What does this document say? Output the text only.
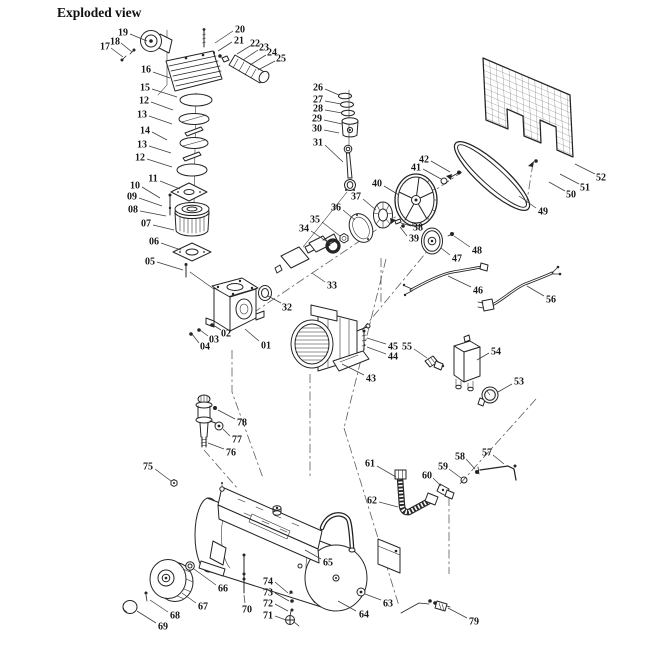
Exploded view
01
02
03
04
05
06
07
08
09
10
11
12
13
14
13
12
15
16
17 18
19	20
21 22 23
24
25
26
27
28
29
30
31
32
33
34
35
36
37
38
39
40
41
42
43
44
45
46
47
48
49
50
51
52
53
54
55
56
57
58
59
60
61
62
63
64
65
66
67
68
69
70
71
72
73
74
75
76
77
78
79
